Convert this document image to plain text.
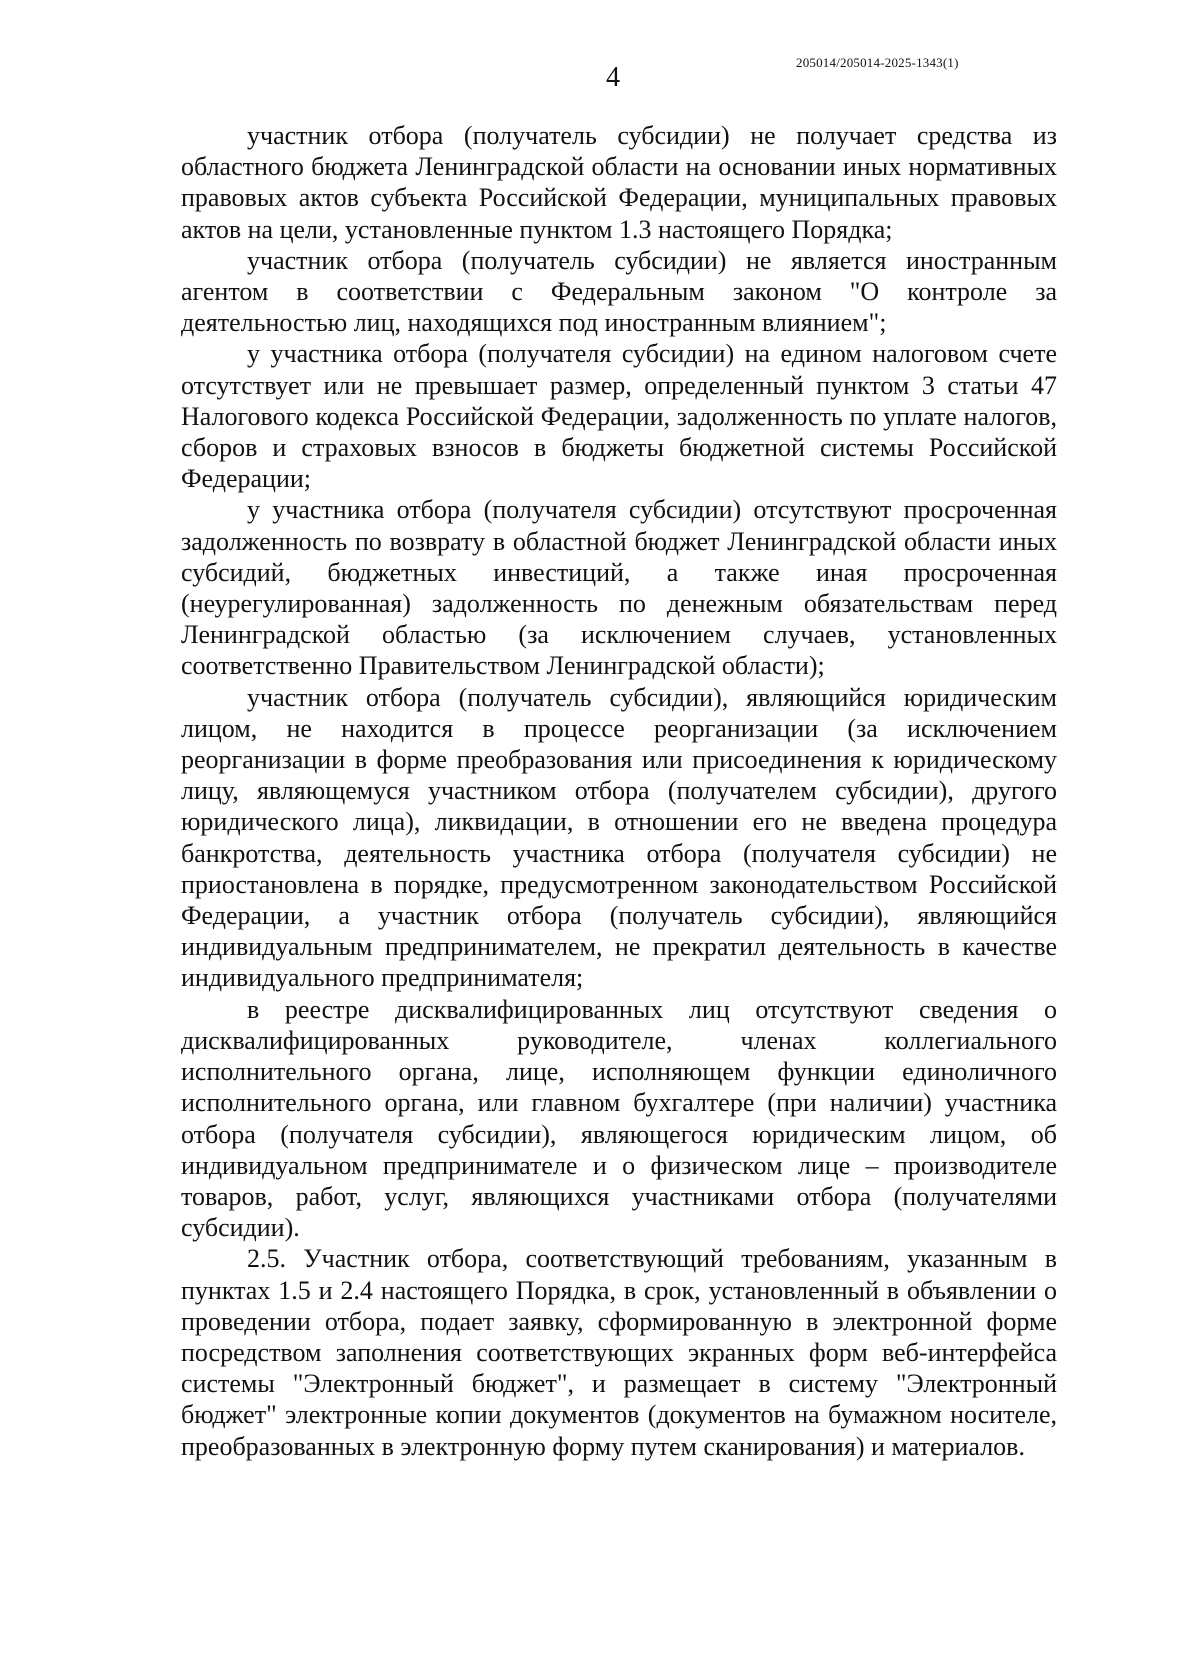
4	205014/205014-2025-1343(1)

участник отбора (получатель субсидии) не получает средства из областного бюджета Ленинградской области на основании иных нормативных правовых актов субъекта Российской Федерации, муниципальных правовых актов на цели, установленные пунктом 1.3 настоящего Порядка;

участник отбора (получатель субсидии) не является иностранным агентом в соответствии с Федеральным законом "О контроле за деятельностью лиц, находящихся под иностранным влиянием";

у участника отбора (получателя субсидии) на едином налоговом счете отсутствует или не превышает размер, определенный пунктом 3 статьи 47 Налогового кодекса Российской Федерации, задолженность по уплате налогов, сборов и страховых взносов в бюджеты бюджетной системы Российской Федерации;

у участника отбора (получателя субсидии) отсутствуют просроченная задолженность по возврату в областной бюджет Ленинградской области иных субсидий, бюджетных инвестиций, а также иная просроченная (неурегулированная) задолженность по денежным обязательствам перед Ленинградской областью (за исключением случаев, установленных соответственно Правительством Ленинградской области);

участник отбора (получатель субсидии), являющийся юридическим лицом, не находится в процессе реорганизации (за исключением реорганизации в форме преобразования или присоединения к юридическому лицу, являющемуся участником отбора (получателем субсидии), другого юридического лица), ликвидации, в отношении его не введена процедура банкротства, деятельность участника отбора (получателя субсидии) не приостановлена в порядке, предусмотренном законодательством Российской Федерации, а участник отбора (получатель субсидии), являющийся индивидуальным предпринимателем, не прекратил деятельность в качестве индивидуального предпринимателя;

в реестре дисквалифицированных лиц отсутствуют сведения о дисквалифицированных руководителе, членах коллегиального исполнительного органа, лице, исполняющем функции единоличного исполнительного органа, или главном бухгалтере (при наличии) участника отбора (получателя субсидии), являющегося юридическим лицом, об индивидуальном предпринимателе и о физическом лице – производителе товаров, работ, услуг, являющихся участниками отбора (получателями субсидии).

2.5. Участник отбора, соответствующий требованиям, указанным в пунктах 1.5 и 2.4 настоящего Порядка, в срок, установленный в объявлении о проведении отбора, подает заявку, сформированную в электронной форме посредством заполнения соответствующих экранных форм веб-интерфейса системы "Электронный бюджет", и размещает в систему "Электронный бюджет" электронные копии документов (документов на бумажном носителе, преобразованных в электронную форму путем сканирования) и материалов.
